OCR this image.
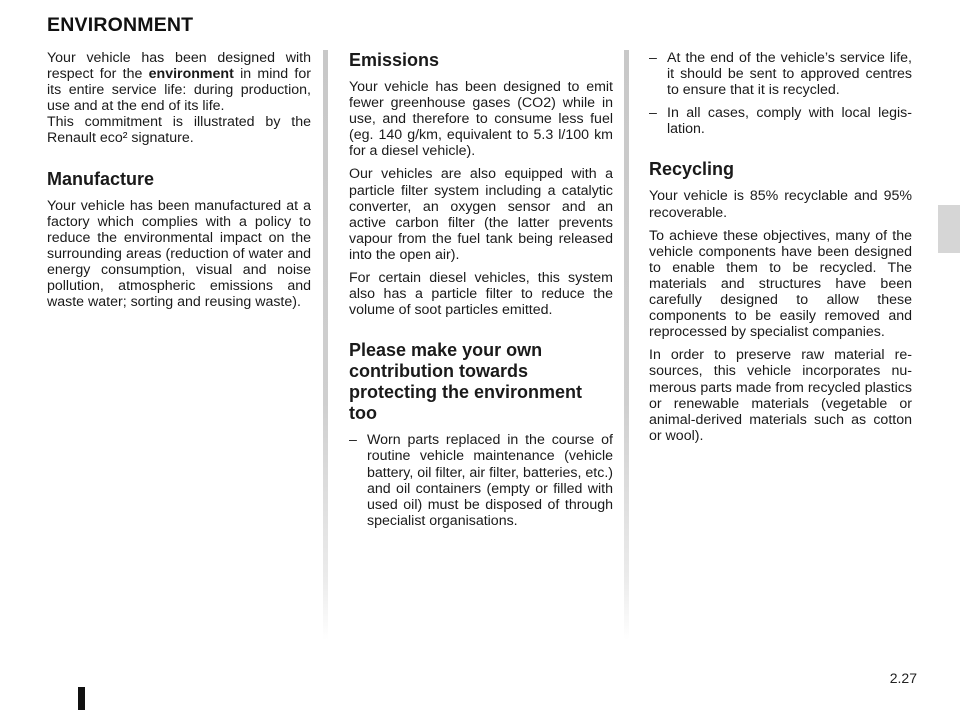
ENVIRONMENT

Your vehicle has been designed with respect for the environment in mind for its entire service life: during production, use and at the end of its life.
This commitment is illustrated by the Renault eco² signature.

Manufacture

Your vehicle has been manufactured at a factory which complies with a policy to reduce the environmental impact on the surrounding areas (reduction of water and energy consumption, visual and noise pollution, atmospheric emissions and waste water; sorting and reusing waste).

Emissions

Your vehicle has been designed to emit fewer greenhouse gases (CO2) while in use, and therefore to consume less fuel (eg. 140 g/km, equivalent to 5.3 l/100 km for a diesel vehicle).

Our vehicles are also equipped with a particle filter system including a catalytic converter, an oxygen sensor and an active carbon filter (the latter prevents vapour from the fuel tank being released into the open air).

For certain diesel vehicles, this system also has a particle filter to reduce the volume of soot particles emitted.

Please make your own contribution towards protecting the environment too

– Worn parts replaced in the course of routine vehicle maintenance (vehicle battery, oil filter, air filter, batteries, etc.) and oil containers (empty or filled with used oil) must be disposed of through specialist organisations.

– At the end of the vehicle’s service life, it should be sent to approved centres to ensure that it is recycled.

– In all cases, comply with local legislation.

Recycling

Your vehicle is 85% recyclable and 95% recoverable.

To achieve these objectives, many of the vehicle components have been designed to enable them to be recycled. The materials and structures have been carefully designed to allow these components to be easily removed and reprocessed by specialist companies.

In order to preserve raw material resources, this vehicle incorporates numerous parts made from recycled plastics or renewable materials (vegetable or animal-derived materials such as cotton or wool).

2.27
